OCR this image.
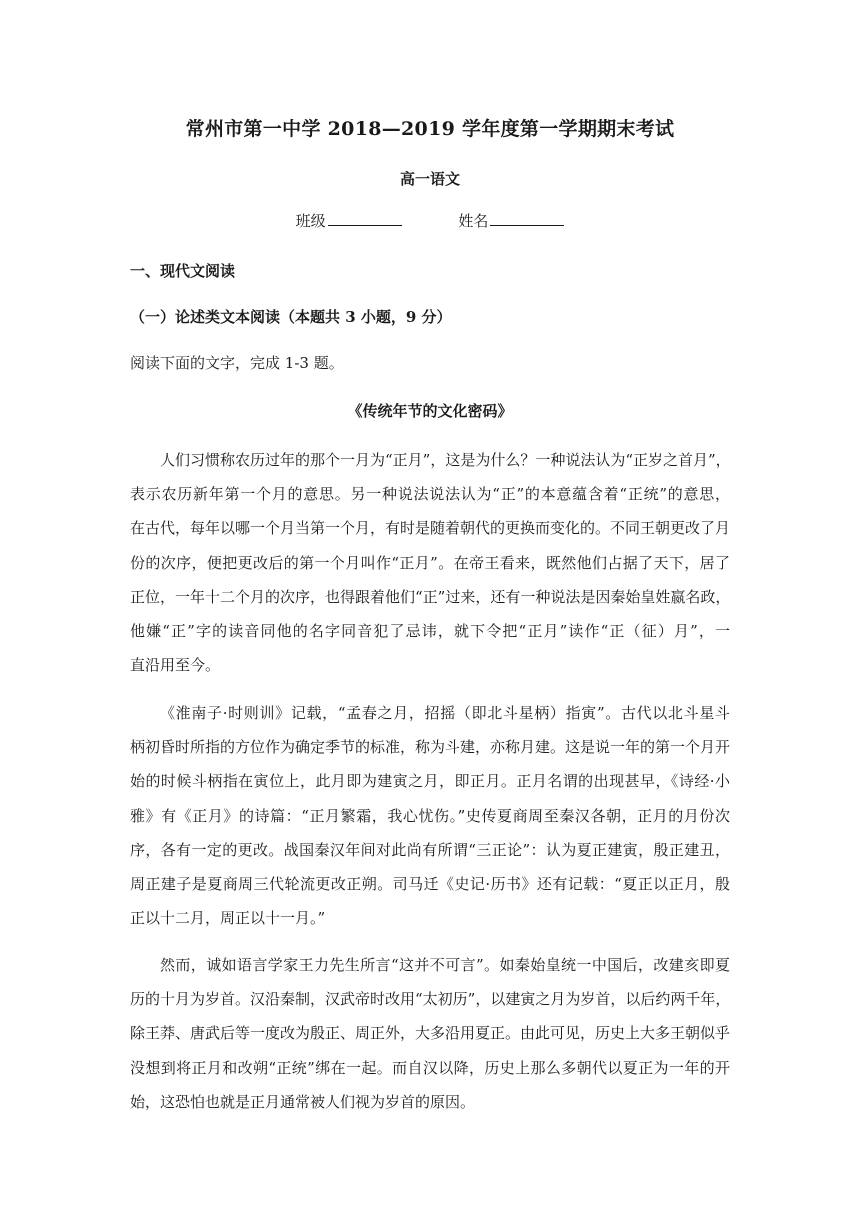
常州市第一中学 2018—2019 学年度第一学期期末考试
高一语文
班级	姓名
一、现代文阅读
（一）论述类文本阅读（本题共 3 小题，9 分）
阅读下面的文字，完成 1-3 题。
《传统年节的文化密码》
人们习惯称农历过年的那个一月为“正月”，这是为什么？一种说法认为“正岁之首月”，
表示农历新年第一个月的意思。另一种说法说法认为“正”的本意蕴含着“正统”的意思，
在古代，每年以哪一个月当第一个月，有时是随着朝代的更换而变化的。不同王朝更改了月
份的次序，便把更改后的第一个月叫作“正月”。在帝王看来，既然他们占据了天下，居了
正位，一年十二个月的次序，也得跟着他们“正”过来，还有一种说法是因秦始皇姓嬴名政，
他嫌“正”字的读音同他的名字同音犯了忌讳，就下令把“正月”读作“正（征）月”，一
直沿用至今。
《淮南子·时则训》记载，“孟春之月，招摇（即北斗星柄）指寅”。古代以北斗星斗
柄初昏时所指的方位作为确定季节的标准，称为斗建，亦称月建。这是说一年的第一个月开
始的时候斗柄指在寅位上，此月即为建寅之月，即正月。正月名谓的出现甚早，《诗经·小
雅》有《正月》的诗篇：“正月繁霜，我心忧伤。”史传夏商周至秦汉各朝，正月的月份次
序，各有一定的更改。战国秦汉年间对此尚有所谓“三正论”：认为夏正建寅，殷正建丑，
周正建子是夏商周三代轮流更改正朔。司马迁《史记·历书》还有记载：“夏正以正月，殷
正以十二月，周正以十一月。”
然而，诚如语言学家王力先生所言“这并不可言”。如秦始皇统一中国后，改建亥即夏
历的十月为岁首。汉沿秦制，汉武帝时改用“太初历”，以建寅之月为岁首，以后约两千年，
除王莽、唐武后等一度改为殷正、周正外，大多沿用夏正。由此可见，历史上大多王朝似乎
没想到将正月和改朔“正统”绑在一起。而自汉以降，历史上那么多朝代以夏正为一年的开
始，这恐怕也就是正月通常被人们视为岁首的原因。
